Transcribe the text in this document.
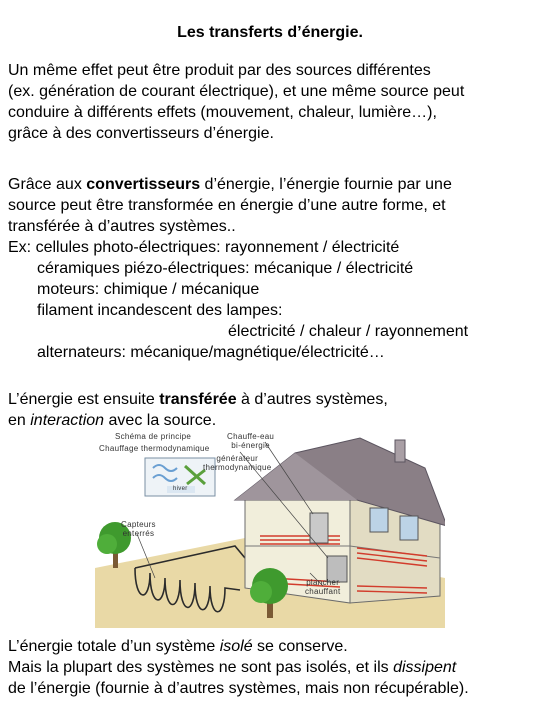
Les transferts d’énergie.

Un même effet peut être produit par des sources différentes
(ex. génération de courant électrique), et une même source peut
conduire à différents effets (mouvement, chaleur, lumière…),
grâce à des convertisseurs d’énergie.

Grâce aux convertisseurs d’énergie, l’énergie fournie par une
source peut être transformée en énergie d’une autre forme, et
transférée à d’autres systèmes..
Ex: cellules photo-électriques: rayonnement / électricité
céramiques piézo-électriques: mécanique / électricité
moteurs: chimique / mécanique
filament incandescent des lampes:
électricité / chaleur / rayonnement
alternateurs: mécanique/magnétique/électricité…

L’énergie est ensuite transférée à d’autres systèmes,
en interaction avec la source.

Schéma de principe
Chauffage thermodynamique
Chauffe-eau
bi-énergie
générateur
thermodynamique
Capteurs
enterrés
plancher
chauffant
hiver

L’énergie totale d’un système isolé se conserve.
Mais la plupart des systèmes ne sont pas isolés, et ils dissipent
de l’énergie (fournie à d’autres systèmes, mais non récupérable).
